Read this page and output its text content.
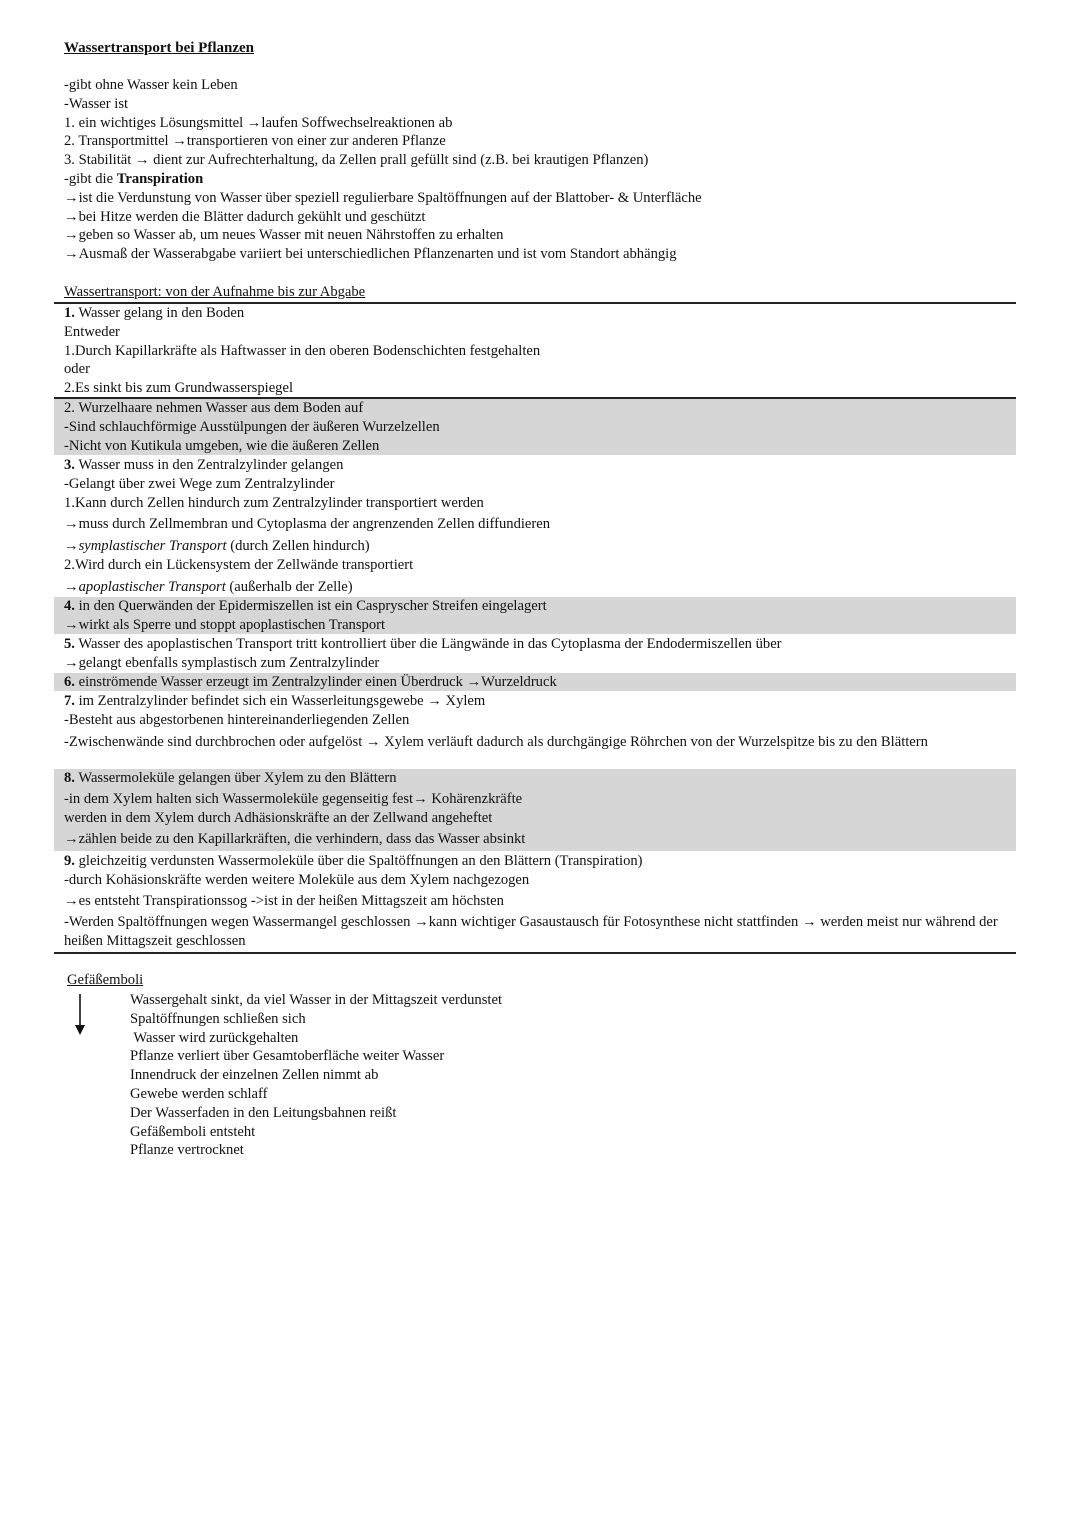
Wassertransport bei Pflanzen
-gibt ohne Wasser kein Leben
-Wasser ist
1. ein wichtiges Lösungsmittel →laufen Soffwechselreaktionen ab
2. Transportmittel →transportieren von einer zur anderen Pflanze
3. Stabilität → dient zur Aufrechterhaltung, da Zellen prall gefüllt sind (z.B. bei krautigen Pflanzen)
-gibt die Transpiration
→ist die Verdunstung von Wasser über speziell regulierbare Spaltöffnungen auf der Blattober- & Unterfläche
→bei Hitze werden die Blätter dadurch gekühlt und geschützt
→geben so Wasser ab, um neues Wasser mit neuen Nährstoffen zu erhalten
→Ausmaß der Wasserabgabe variiert bei unterschiedlichen Pflanzenarten und ist vom Standort abhängig
Wassertransport: von der Aufnahme bis zur Abgabe
1. Wasser gelang in den Boden
Entweder
1.Durch Kapillarkräfte als Haftwasser in den oberen Bodenschichten festgehalten
oder
2.Es sinkt bis zum Grundwasserspiegel
2. Wurzelhaare nehmen Wasser aus dem Boden auf
-Sind schlauchförmige Ausstülpungen der äußeren Wurzelzellen
-Nicht von Kutikula umgeben, wie die äußeren Zellen
3. Wasser muss in den Zentralzylinder gelangen
-Gelangt über zwei Wege zum Zentralzylinder
1.Kann durch Zellen hindurch zum Zentralzylinder transportiert werden
→muss durch Zellmembran und Cytoplasma der angrenzenden Zellen diffundieren
→symplastischer Transport (durch Zellen hindurch)
2.Wird durch ein Lückensystem der Zellwände transportiert
→apoplastischer Transport (außerhalb der Zelle)
4. in den Querwänden der Epidermiszellen ist ein Caspryscher Streifen eingelagert
→wirkt als Sperre und stoppt apoplastischen Transport
5. Wasser des apoplastischen Transport tritt kontrolliert über die Längwände in das Cytoplasma der Endodermiszellen über
→gelangt ebenfalls symplastisch zum Zentralzylinder
6. einströmende Wasser erzeugt im Zentralzylinder einen Überdruck →Wurzeldruck
7. im Zentralzylinder befindet sich ein Wasserleitungsgewebe → Xylem
-Besteht aus abgestorbenen hintereinanderliegenden Zellen
-Zwischenwände sind durchbrochen oder aufgelöst → Xylem verläuft dadurch als durchgängige Röhrchen von der Wurzelspitze bis zu den Blättern
8. Wassermoleküle gelangen über Xylem zu den Blättern
-in dem Xylem halten sich Wassermoleküle gegenseitig fest→ Kohärenzkräfte
werden in dem Xylem durch Adhäsionskräfte an der Zellwand angeheftet
→zählen beide zu den Kapillarkräften, die verhindern, dass das Wasser absinkt
9. gleichzeitig verdunsten Wassermoleküle über die Spaltöffnungen an den Blättern (Transpiration)
-durch Kohäsionskräfte werden weitere Moleküle aus dem Xylem nachgezogen
→es entsteht Transpirationssog ->ist in der heißen Mittagszeit am höchsten
-Werden Spaltöffnungen wegen Wassermangel geschlossen →kann wichtiger Gasaustausch für Fotosynthese nicht stattfinden → werden meist nur während der heißen Mittagszeit geschlossen
Gefäßemboli
Wassergehalt sinkt, da viel Wasser in der Mittagszeit verdunstet
Spaltöffnungen schließen sich
Wasser wird zurückgehalten
Pflanze verliert über Gesamtoberfläche weiter Wasser
Innendruck der einzelnen Zellen nimmt ab
Gewebe werden schlaff
Der Wasserfaden in den Leitungsbahnen reißt
Gefäßemboli entsteht
Pflanze vertrocknet
